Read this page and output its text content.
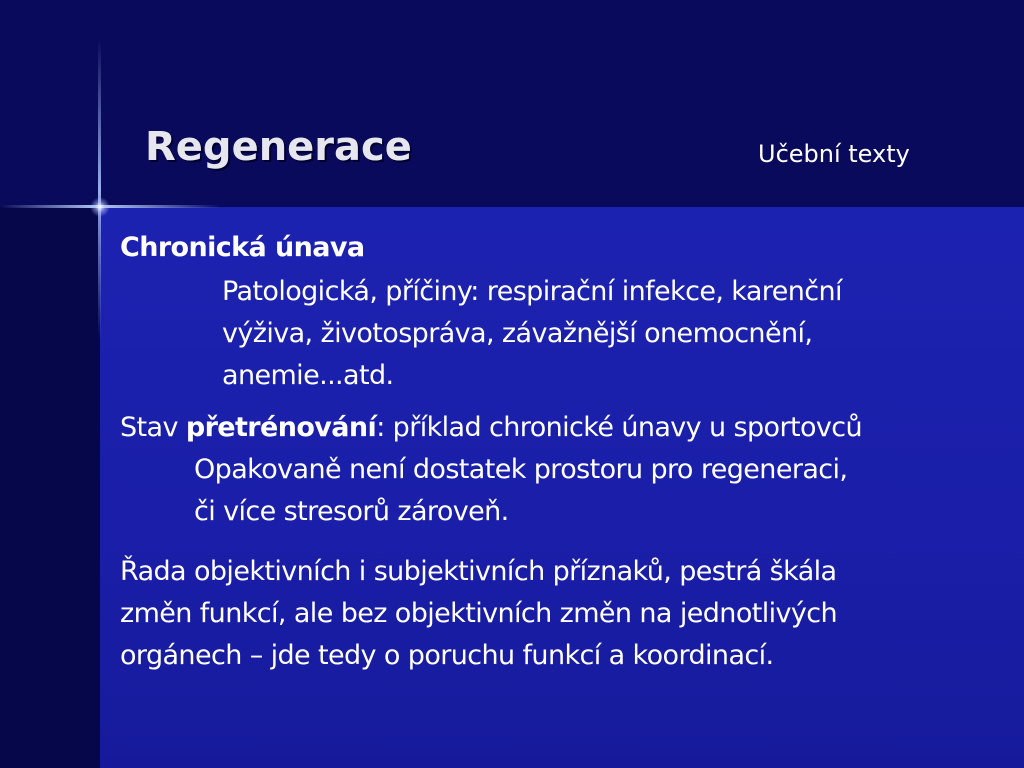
Regenerace	Učební texty
Chronická únava
Patologická, příčiny: respirační infekce, karenční
výživa, životospráva, závažnější onemocnění,
anemie...atd.
Stav přetrénování: příklad chronické únavy u sportovců
Opakovaně není dostatek prostoru pro regeneraci,
či více stresorů zároveň.
Řada objektivních i subjektivních příznaků, pestrá škála
změn funkcí, ale bez objektivních změn na jednotlivých
orgánech – jde tedy o poruchu funkcí a koordinací.
